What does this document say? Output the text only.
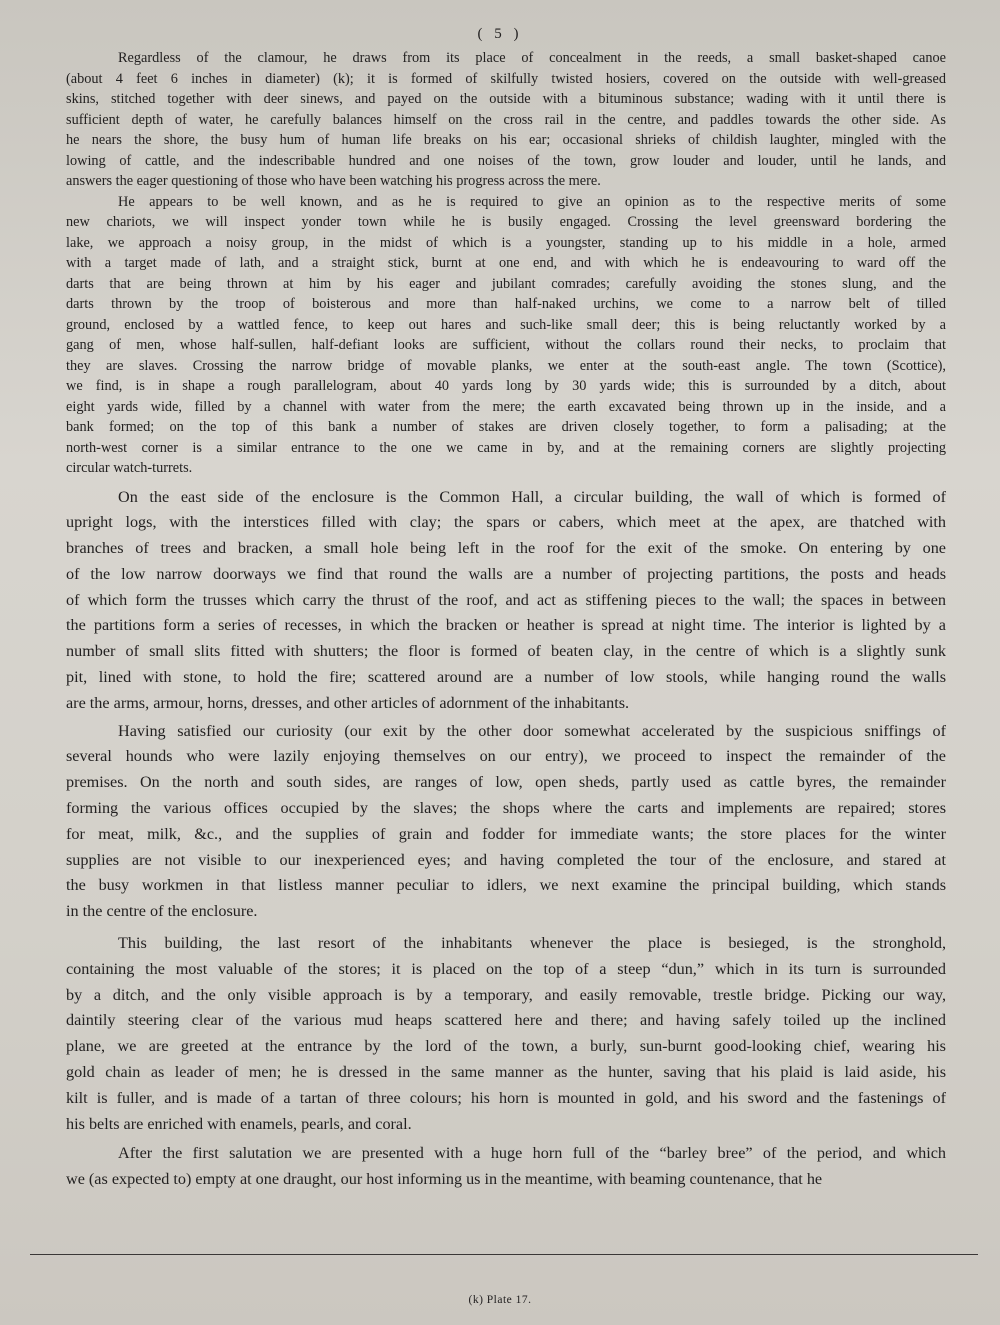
( 5 )
Regardless of the clamour, he draws from its place of concealment in the reeds, a small basket-shaped canoe
(about 4 feet 6 inches in diameter) (k); it is formed of skilfully twisted hosiers, covered on the outside with well-greased
skins, stitched together with deer sinews, and payed on the outside with a bituminous substance; wading with it until there is
sufficient depth of water, he carefully balances himself on the cross rail in the centre, and paddles towards the other side. As
he nears the shore, the busy hum of human life breaks on his ear; occasional shrieks of childish laughter, mingled with the
lowing of cattle, and the indescribable hundred and one noises of the town, grow louder and louder, until he lands, and
answers the eager questioning of those who have been watching his progress across the mere.
He appears to be well known, and as he is required to give an opinion as to the respective merits of some
new chariots, we will inspect yonder town while he is busily engaged. Crossing the level greensward bordering the
lake, we approach a noisy group, in the midst of which is a youngster, standing up to his middle in a hole, armed
with a target made of lath, and a straight stick, burnt at one end, and with which he is endeavouring to ward off the
darts that are being thrown at him by his eager and jubilant comrades; carefully avoiding the stones slung, and the
darts thrown by the troop of boisterous and more than half-naked urchins, we come to a narrow belt of tilled
ground, enclosed by a wattled fence, to keep out hares and such-like small deer; this is being reluctantly worked by a
gang of men, whose half-sullen, half-defiant looks are sufficient, without the collars round their necks, to proclaim that
they are slaves. Crossing the narrow bridge of movable planks, we enter at the south-east angle. The town (Scottice),
we find, is in shape a rough parallelogram, about 40 yards long by 30 yards wide; this is surrounded by a ditch, about
eight yards wide, filled by a channel with water from the mere; the earth excavated being thrown up in the inside, and a
bank formed; on the top of this bank a number of stakes are driven closely together, to form a palisading; at the
north-west corner is a similar entrance to the one we came in by, and at the remaining corners are slightly projecting
circular watch-turrets.
On the east side of the enclosure is the Common Hall, a circular building, the wall of which is formed of
upright logs, with the interstices filled with clay; the spars or cabers, which meet at the apex, are thatched with
branches of trees and bracken, a small hole being left in the roof for the exit of the smoke. On entering by one
of the low narrow doorways we find that round the walls are a number of projecting partitions, the posts and heads
of which form the trusses which carry the thrust of the roof, and act as stiffening pieces to the wall; the spaces in between
the partitions form a series of recesses, in which the bracken or heather is spread at night time. The interior is lighted by a
number of small slits fitted with shutters; the floor is formed of beaten clay, in the centre of which is a slightly sunk
pit, lined with stone, to hold the fire; scattered around are a number of low stools, while hanging round the walls
are the arms, armour, horns, dresses, and other articles of adornment of the inhabitants.
Having satisfied our curiosity (our exit by the other door somewhat accelerated by the suspicious sniffings of
several hounds who were lazily enjoying themselves on our entry), we proceed to inspect the remainder of the
premises. On the north and south sides, are ranges of low, open sheds, partly used as cattle byres, the remainder
forming the various offices occupied by the slaves; the shops where the carts and implements are repaired; stores
for meat, milk, &c., and the supplies of grain and fodder for immediate wants; the store places for the winter
supplies are not visible to our inexperienced eyes; and having completed the tour of the enclosure, and stared at
the busy workmen in that listless manner peculiar to idlers, we next examine the principal building, which stands
in the centre of the enclosure.
This building, the last resort of the inhabitants whenever the place is besieged, is the stronghold,
containing the most valuable of the stores; it is placed on the top of a steep “dun,” which in its turn is surrounded
by a ditch, and the only visible approach is by a temporary, and easily removable, trestle bridge. Picking our way,
daintily steering clear of the various mud heaps scattered here and there; and having safely toiled up the inclined
plane, we are greeted at the entrance by the lord of the town, a burly, sun-burnt good-looking chief, wearing his
gold chain as leader of men; he is dressed in the same manner as the hunter, saving that his plaid is laid aside, his
kilt is fuller, and is made of a tartan of three colours; his horn is mounted in gold, and his sword and the fastenings of
his belts are enriched with enamels, pearls, and coral.
After the first salutation we are presented with a huge horn full of the “barley bree” of the period, and which
we (as expected to) empty at one draught, our host informing us in the meantime, with beaming countenance, that he
(k) Plate 17.
